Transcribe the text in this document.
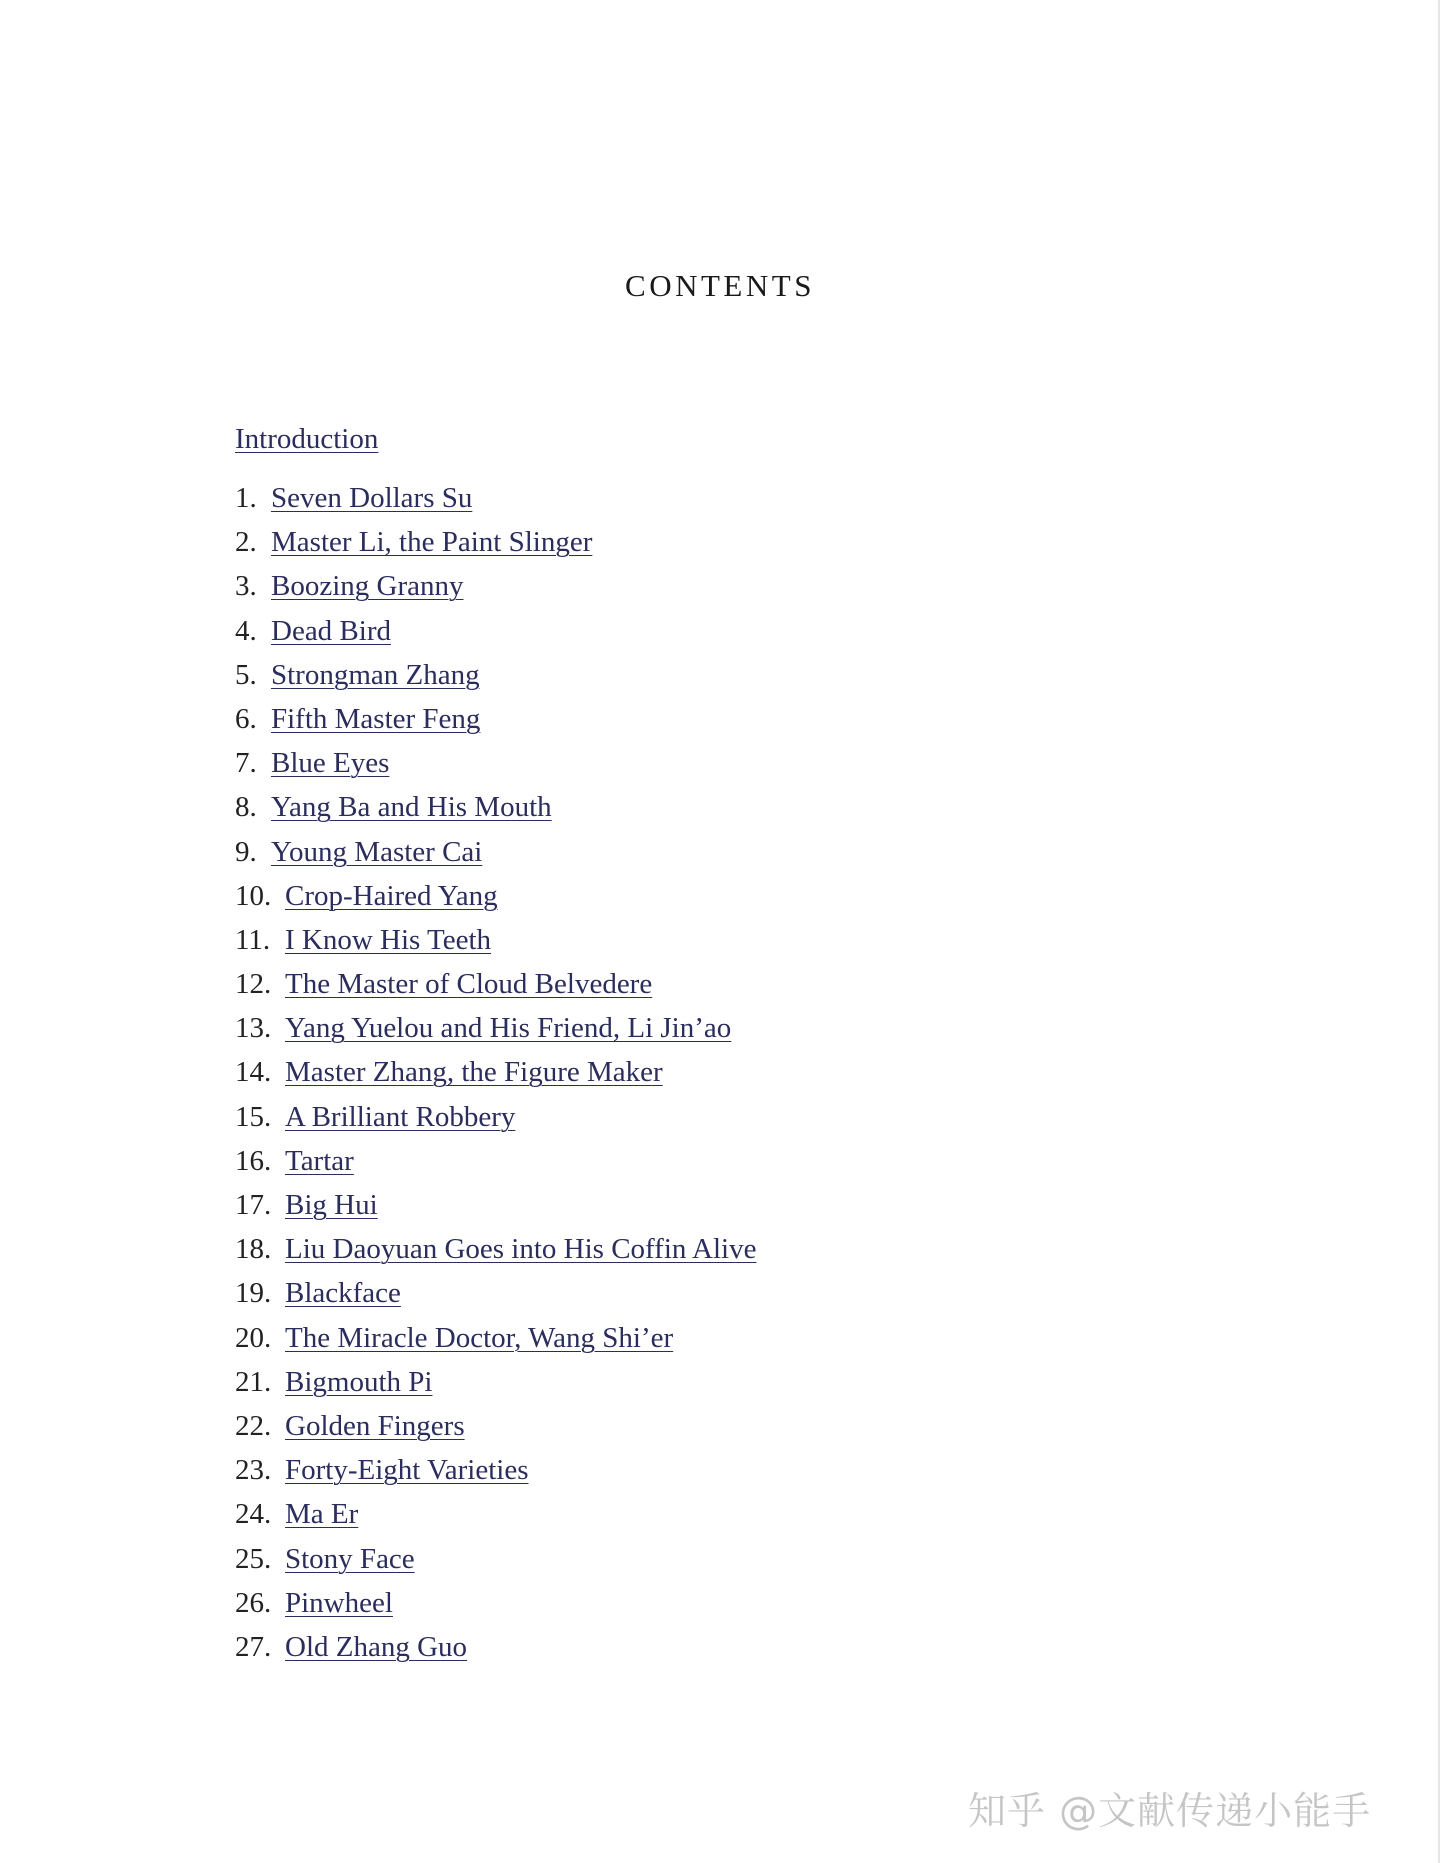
CONTENTS
Introduction
1. Seven Dollars Su
2. Master Li, the Paint Slinger
3. Boozing Granny
4. Dead Bird
5. Strongman Zhang
6. Fifth Master Feng
7. Blue Eyes
8. Yang Ba and His Mouth
9. Young Master Cai
10. Crop-Haired Yang
11. I Know His Teeth
12. The Master of Cloud Belvedere
13. Yang Yuelou and His Friend, Li Jin’ao
14. Master Zhang, the Figure Maker
15. A Brilliant Robbery
16. Tartar
17. Big Hui
18. Liu Daoyuan Goes into His Coffin Alive
19. Blackface
20. The Miracle Doctor, Wang Shi’er
21. Bigmouth Pi
22. Golden Fingers
23. Forty-Eight Varieties
24. Ma Er
25. Stony Face
26. Pinwheel
27. Old Zhang Guo
知乎 @文献传递小能手
